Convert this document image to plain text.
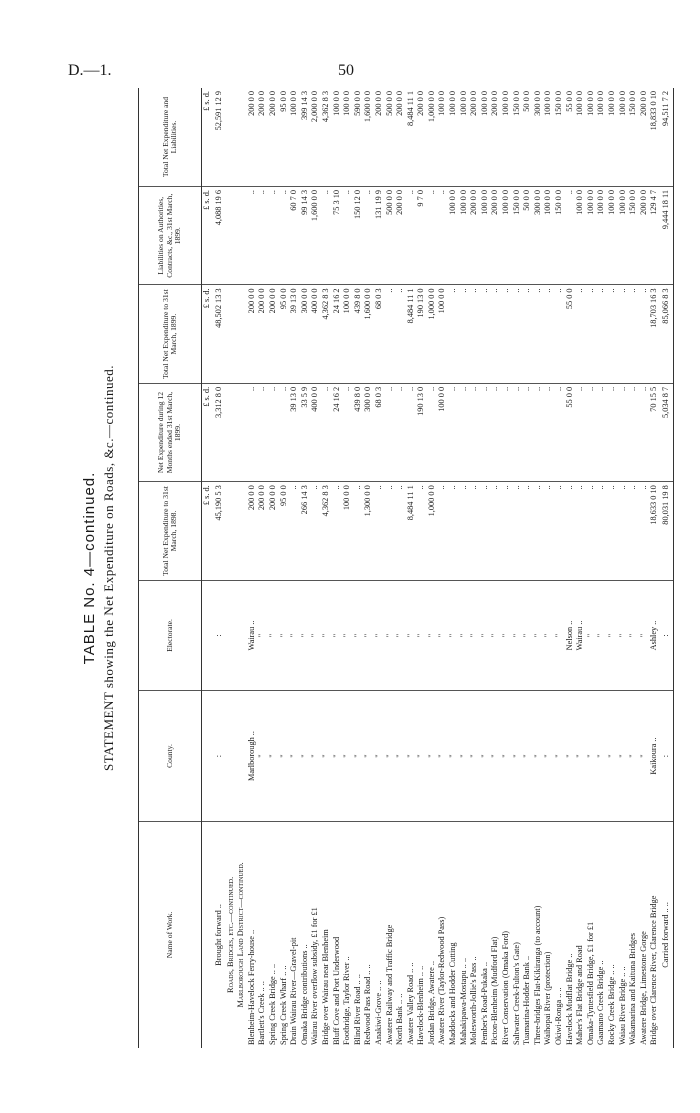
D.—1.	50
TABLE No. 4—continued. STATEMENT showing the Net Expenditure on Roads, &c.—continued.
Name of Work.	County.	Electorate.	Total Net Expenditure to 31st March, 1898.	Net Expenditure during 12 Months ended 31st March, 1899.	Total Net Expenditure to 31st March, 1899.	Liabilities on Authorities, Contracts, &c., 31st March, 1899.	Total Net Expenditure and Liabilities.
			£ s. d.	£ s. d.	£ s. d.	£ s. d.	£ s. d.
Brought forward ..	:	:	45,190 5 3	3,312 8 0	48,502 13 3	4,088 19 6	52,591 12 9
Roads, Bridges, etc.—continued.							
Marlborough Land District—continued.							
Blenheim-Havelock Ferry-house ..	Marlborough ..	Wairau ..	200 0 0	..	200 0 0	..	200 0 0
Bartlett's Creek .. ..	"	"	200 0 0	..	200 0 0	..	200 0 0
Spring Creek Bridge .. ..	"	"	200 0 0	..	200 0 0	..	200 0 0
Spring Creek Wharf .. ..	"	"	95 0 0	..	95 0 0	..	95 0 0
Drain Wairau River—Gravel-pit	"	"	..	39 13 0	39 13 0	60 7 0	100 0 0
Omaka Bridge contributions ..	"	"	266 14 3	33 5 9	300 0 0	99 14 3	399 14 3
Wairau River overflow subsidy, £1 for £1	"	"	..	400 0 0	400 0 0	1,600 0 0	2,000 0 0
Bridge over Wairau near Blenheim	"	"	4,362 8 3	..	4,362 8 3	..	4,362 8 3
Bluff Cove and Port Underwood	"	"	..	24 16 2	24 16 2	75 3 10	100 0 0
Footbridge, Taylor River ..	"	"	100 0 0	..	100 0 0	..	100 0 0
Blind River Road .. ..	"	"	..	439 8 0	439 8 0	150 12 0	590 0 0
Redwood Pass Road .. ..	"	"	1,300 0 0	300 0 0	1,600 0 0	..	1,600 0 0
Anakiwi-Grove .. ..	"	"	..	68 0 3	68 0 3	131 19 9	200 0 0
Awatere Railway and Traffic Bridge	"	"	..	..	..	500 0 0	500 0 0
North Bank .. ..	"	"	..	..	..	200 0 0	200 0 0
Awatere Valley Road .. ..	"	"	8,484 11 1	..	8,484 11 1	..	8,484 11 1
Havelock-Blenheim .. ..	"	"	..	190 13 0	190 13 0	9 7 0	200 0 0
Jordan Bridge, Awatere ..	"	"	1,000 0 0	..	1,000 0 0	..	1,000 0 0
Awatere River (Taylor-Redwood Pass)	"	"	..	100 0 0	100 0 0	..	100 0 0
Maddocks and Hodder Cutting	"	"	..	..	..	100 0 0	100 0 0
Mahakipawa-Mostapu .. ..	"	"	..	..	..	100 0 0	100 0 0
Molesworth-Jollie's Pass ..	"	"	..	..	..	200 0 0	200 0 0
Pember's Road-Pukaka ..	"	"	..	..	..	100 0 0	100 0 0
Picton-Blenheim (Mudford Flat)	"	"	..	..	..	200 0 0	200 0 0
River Conservation (Omaka Ford)	"	"	..	..	..	100 0 0	100 0 0
Saltwater Creek-Fulton's Gate)	"	"	..	..	..	150 0 0	150 0 0
Tuamarina-Hodder Bank ..	"	"	..	..	..	50 0 0	50 0 0
Three-bridges Flat-Kikiranga (to account)	"	"	..	..	..	300 0 0	300 0 0
Waihopai River (protection)	"	"	..	..	..	100 0 0	100 0 0
Okiwi-Ronga .. ..	"	"	..	..	..	150 0 0	150 0 0
Havelock Mudflat Bridge ..	"	Nelson ..	..	55 0 0	55 0 0	..	55 0 0
Maher's Flat Bridge and Road	"	Wairau ..	..	..	..	100 0 0	100 0 0
Omaka-Tyntesfield Bridge, £1 for £1	"	"	..	..	..	100 0 0	100 0 0
Gaamano Creek Bridge ..	"	"	..	..	..	100 0 0	100 0 0
Rocky Creek Bridge .. ..	"	"	..	..	..	100 0 0	100 0 0
Waiau River Bridge .. ..	"	"	..	..	..	100 0 0	100 0 0
Wakamarina and Kaituna Bridges	"	"	..	..	..	150 0 0	150 0 0
Awatere Bridge, Limestone Gorge	"	"	..	..	..	200 0 0	200 0 0
Bridge over Clarence River, Clarence Bridge	Kaikoura ..	Ashley ..	18,633 0 10	70 15 5	18,703 16 3	129 4 7	18,833 0 10
Carried forward .. ..	:	:	80,031 19 8	5,034 8 7	85,066 8 3	9,444 18 11	94,511 7 2
